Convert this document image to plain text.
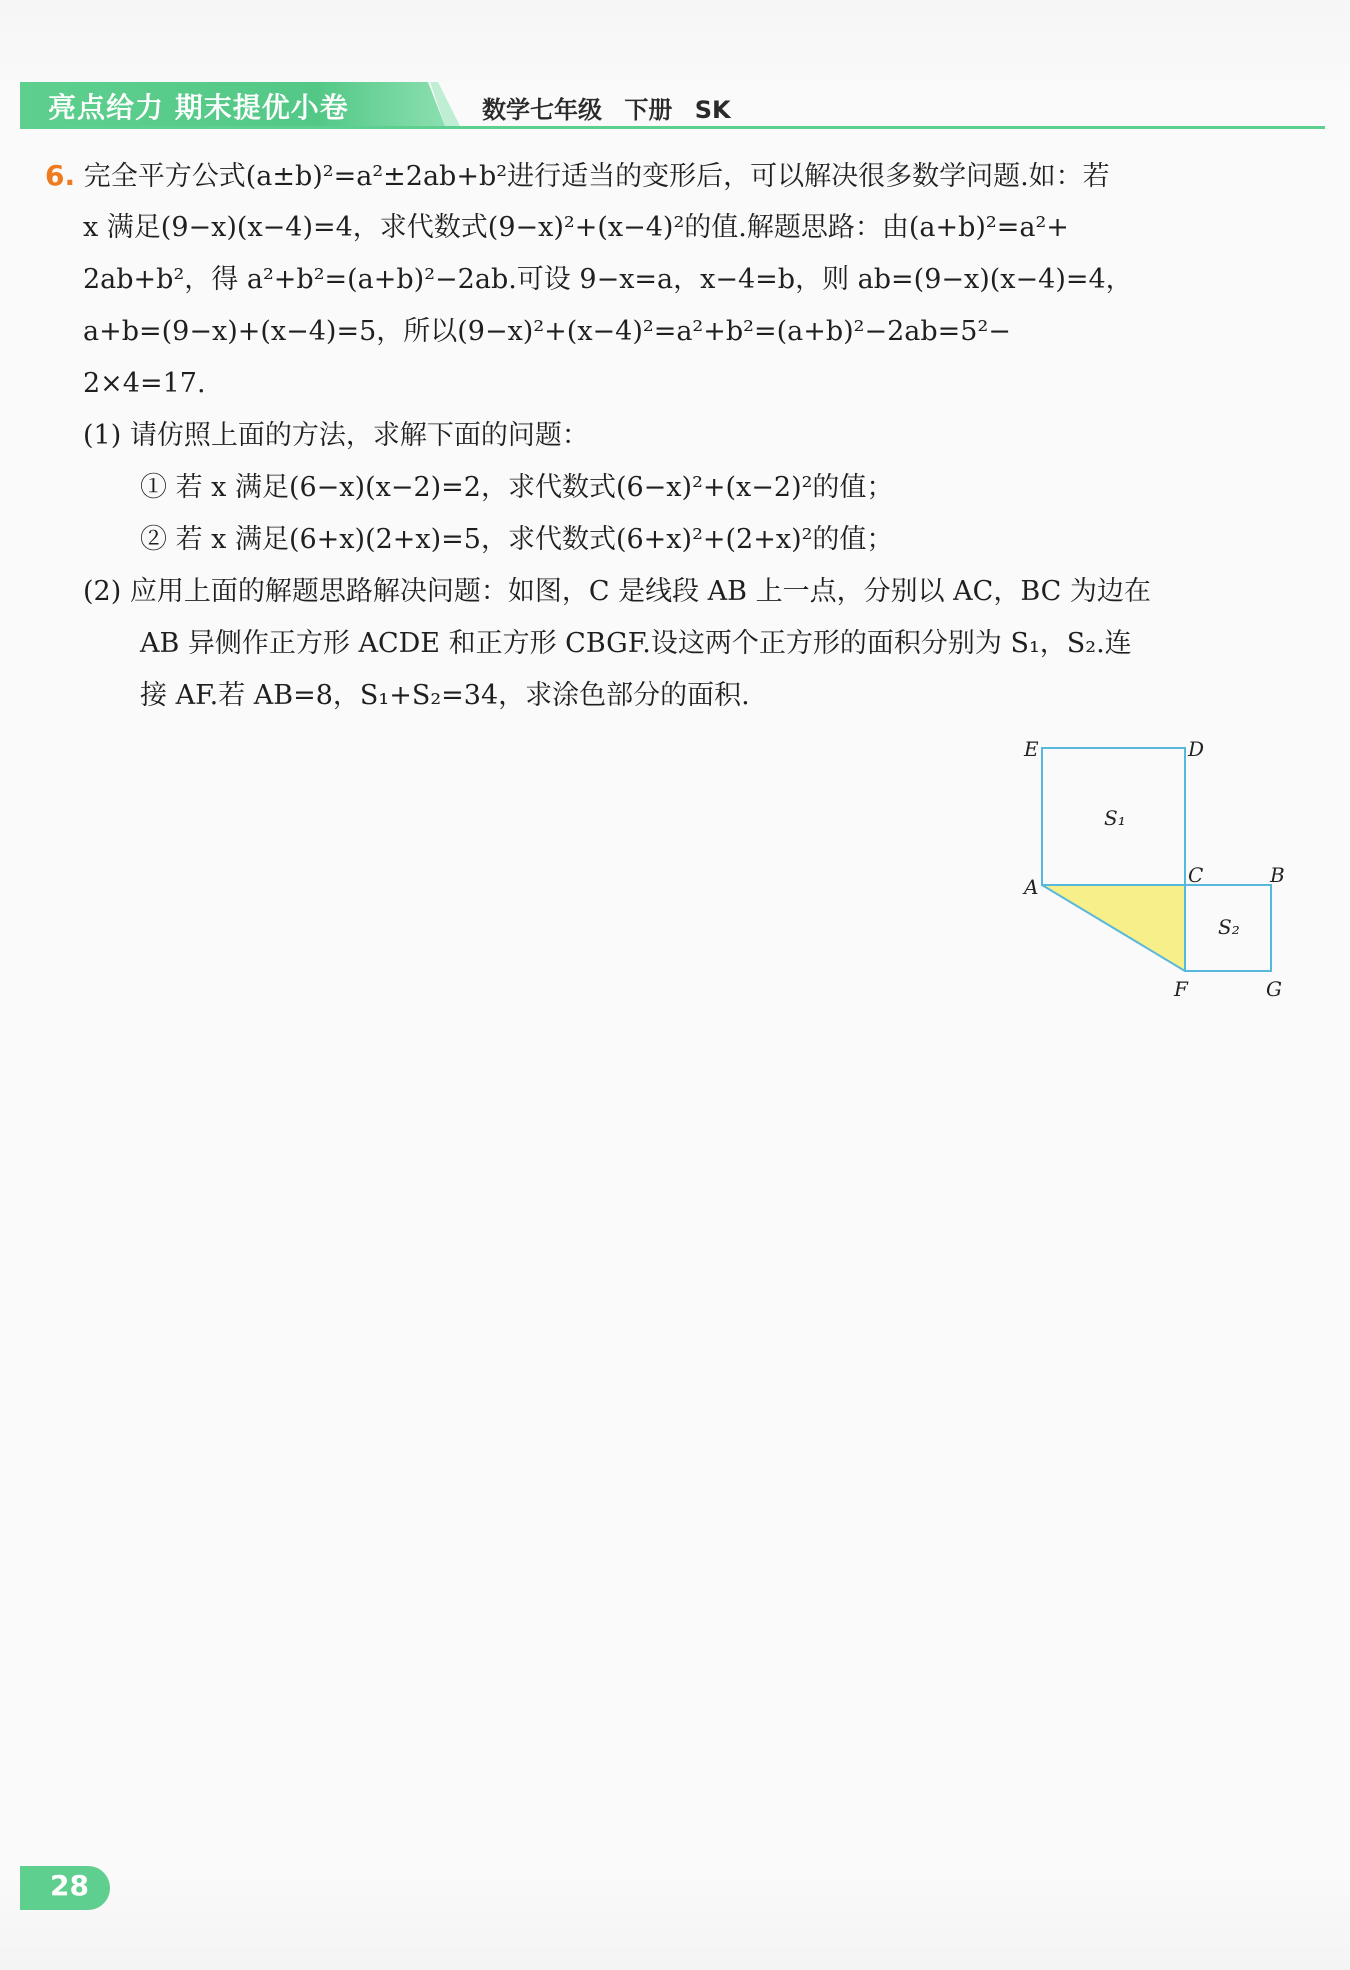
亮点给力 期末提优小卷	数学七年级 下册 SK
6. 完全平方公式(a±b)²=a²±2ab+b²进行适当的变形后，可以解决很多数学问题.如：若
x 满足(9−x)(x−4)=4，求代数式(9−x)²+(x−4)²的值.解题思路：由(a+b)²=a²+
2ab+b²，得 a²+b²=(a+b)²−2ab.可设 9−x=a，x−4=b，则 ab=(9−x)(x−4)=4，
a+b=(9−x)+(x−4)=5，所以(9−x)²+(x−4)²=a²+b²=(a+b)²−2ab=5²−
2×4=17.
(1) 请仿照上面的方法，求解下面的问题：
① 若 x 满足(6−x)(x−2)=2，求代数式(6−x)²+(x−2)²的值；
② 若 x 满足(6+x)(2+x)=5，求代数式(6+x)²+(2+x)²的值；
(2) 应用上面的解题思路解决问题：如图，C 是线段 AB 上一点，分别以 AC，BC 为边在
AB 异侧作正方形 ACDE 和正方形 CBGF.设这两个正方形的面积分别为 S₁，S₂.连
接 AF.若 AB=8，S₁+S₂=34，求涂色部分的面积.
E	D
A	C	B
F	G
S₁
S₂
28
